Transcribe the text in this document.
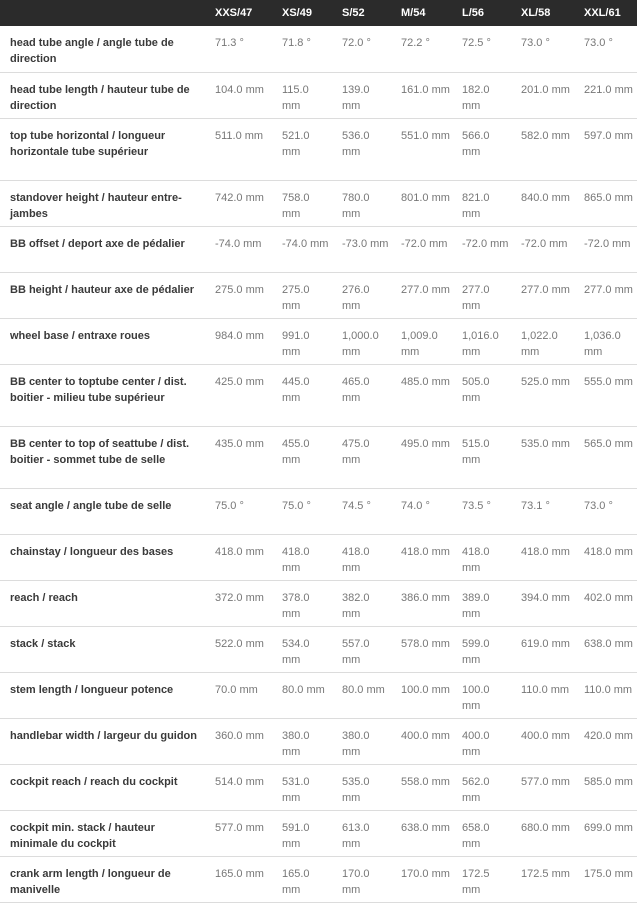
	XXS/47	XS/49	S/52	M/54	L/56	XL/58	XXL/61
head tube angle / angle tube de direction	71.3 °	71.8 °	72.0 °	72.2 °	72.5 °	73.0 °	73.0 °
head tube length / hauteur tube de direction	104.0 mm	115.0 mm	139.0 mm	161.0 mm	182.0 mm	201.0 mm	221.0 mm
top tube horizontal / longueur horizontale tube supérieur	511.0 mm	521.0 mm	536.0 mm	551.0 mm	566.0 mm	582.0 mm	597.0 mm
standover height / hauteur entre-jambes	742.0 mm	758.0 mm	780.0 mm	801.0 mm	821.0 mm	840.0 mm	865.0 mm
BB offset / deport axe de pédalier	-74.0 mm	-74.0 mm	-73.0 mm	-72.0 mm	-72.0 mm	-72.0 mm	-72.0 mm
BB height / hauteur axe de pédalier	275.0 mm	275.0 mm	276.0 mm	277.0 mm	277.0 mm	277.0 mm	277.0 mm
wheel base / entraxe roues	984.0 mm	991.0 mm	1,000.0 mm	1,009.0 mm	1,016.0 mm	1,022.0 mm	1,036.0 mm
BB center to toptube center / dist. boitier - milieu tube supérieur	425.0 mm	445.0 mm	465.0 mm	485.0 mm	505.0 mm	525.0 mm	555.0 mm
BB center to top of seattube / dist. boitier - sommet tube de selle	435.0 mm	455.0 mm	475.0 mm	495.0 mm	515.0 mm	535.0 mm	565.0 mm
seat angle / angle tube de selle	75.0 °	75.0 °	74.5 °	74.0 °	73.5 °	73.1 °	73.0 °
chainstay / longueur des bases	418.0 mm	418.0 mm	418.0 mm	418.0 mm	418.0 mm	418.0 mm	418.0 mm
reach / reach	372.0 mm	378.0 mm	382.0 mm	386.0 mm	389.0 mm	394.0 mm	402.0 mm
stack / stack	522.0 mm	534.0 mm	557.0 mm	578.0 mm	599.0 mm	619.0 mm	638.0 mm
stem length / longueur potence	70.0 mm	80.0 mm	80.0 mm	100.0 mm	100.0 mm	110.0 mm	110.0 mm
handlebar width / largeur du guidon	360.0 mm	380.0 mm	380.0 mm	400.0 mm	400.0 mm	400.0 mm	420.0 mm
cockpit reach / reach du cockpit	514.0 mm	531.0 mm	535.0 mm	558.0 mm	562.0 mm	577.0 mm	585.0 mm
cockpit min. stack / hauteur minimale du cockpit	577.0 mm	591.0 mm	613.0 mm	638.0 mm	658.0 mm	680.0 mm	699.0 mm
crank arm length / longueur de manivelle	165.0 mm	165.0 mm	170.0 mm	170.0 mm	172.5 mm	172.5 mm	175.0 mm
